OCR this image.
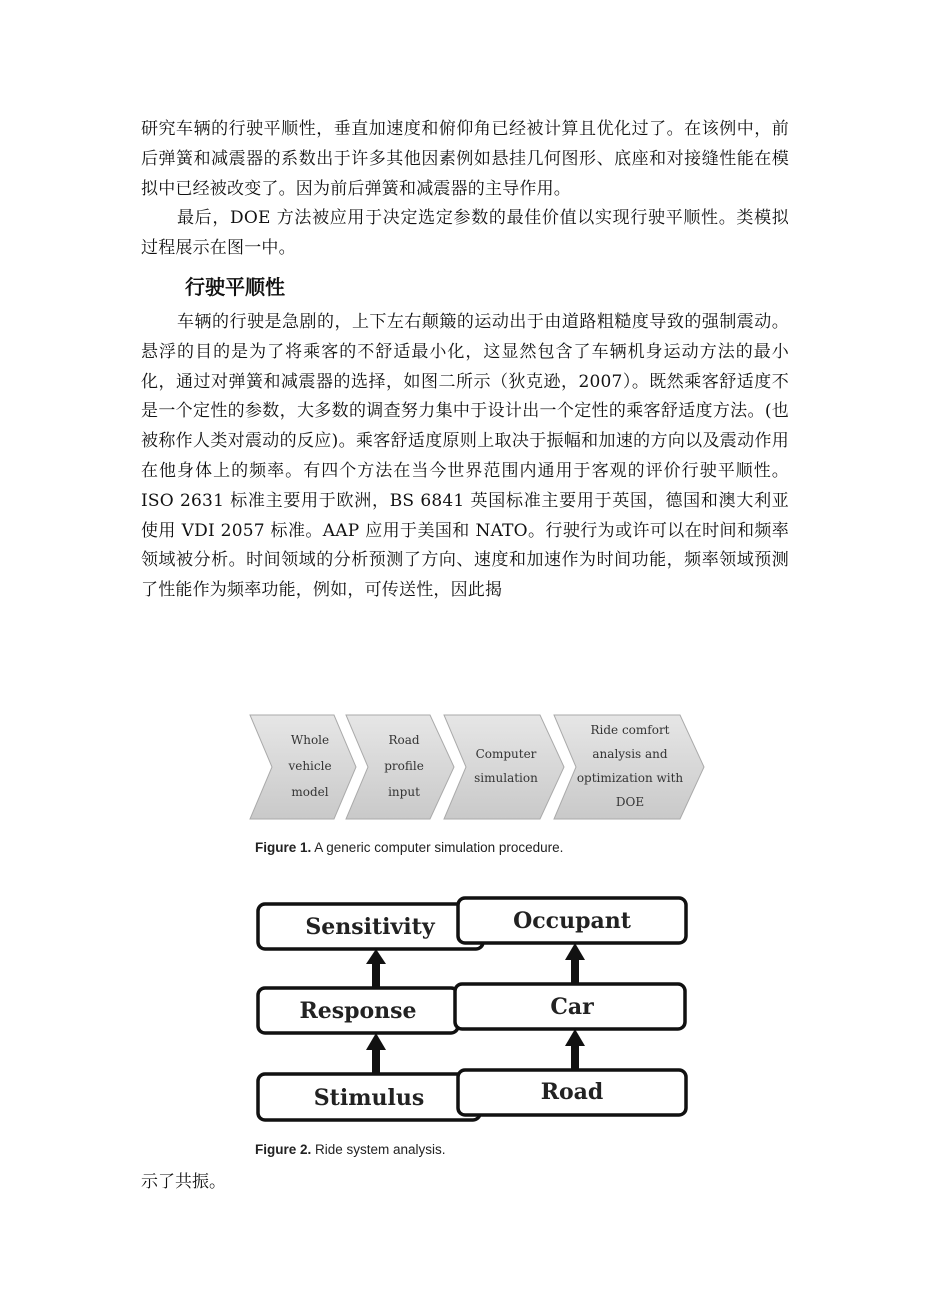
研究车辆的行驶平顺性，垂直加速度和俯仰角已经被计算且优化过了。在该例中，前后弹簧和减震器的系数出于许多其他因素例如悬挂几何图形、底座和对接缝性能在模拟中已经被改变了。因为前后弹簧和减震器的主导作用。

最后，DOE 方法被应用于决定选定参数的最佳价值以实现行驶平顺性。类模拟过程展示在图一中。

行驶平顺性

车辆的行驶是急剧的，上下左右颠簸的运动出于由道路粗糙度导致的强制震动。悬浮的目的是为了将乘客的不舒适最小化，这显然包含了车辆机身运动方法的最小化，通过对弹簧和减震器的选择，如图二所示（狄克逊，2007）。既然乘客舒适度不是一个定性的参数，大多数的调查努力集中于设计出一个定性的乘客舒适度方法。(也被称作人类对震动的反应)。乘客舒适度原则上取决于振幅和加速的方向以及震动作用在他身体上的频率。有四个方法在当今世界范围内通用于客观的评价行驶平顺性。ISO 2631 标准主要用于欧洲，BS 6841 英国标准主要用于英国，德国和澳大利亚使用 VDI 2057 标准。AAP 应用于美国和 NATO。行驶行为或许可以在时间和频率领域被分析。时间领域的分析预测了方向、速度和加速作为时间功能，频率领域预测了性能作为频率功能，例如，可传送性，因此揭

Whole
vehicle
model
Road
profile
input
Computer
simulation
Ride comfort
analysis and
optimization with
DOE
Figure 1. A generic computer simulation procedure.
Sensitivity	Occupant
Response	Car
Stimulus	Road
Figure 2. Ride system analysis.

示了共振。
